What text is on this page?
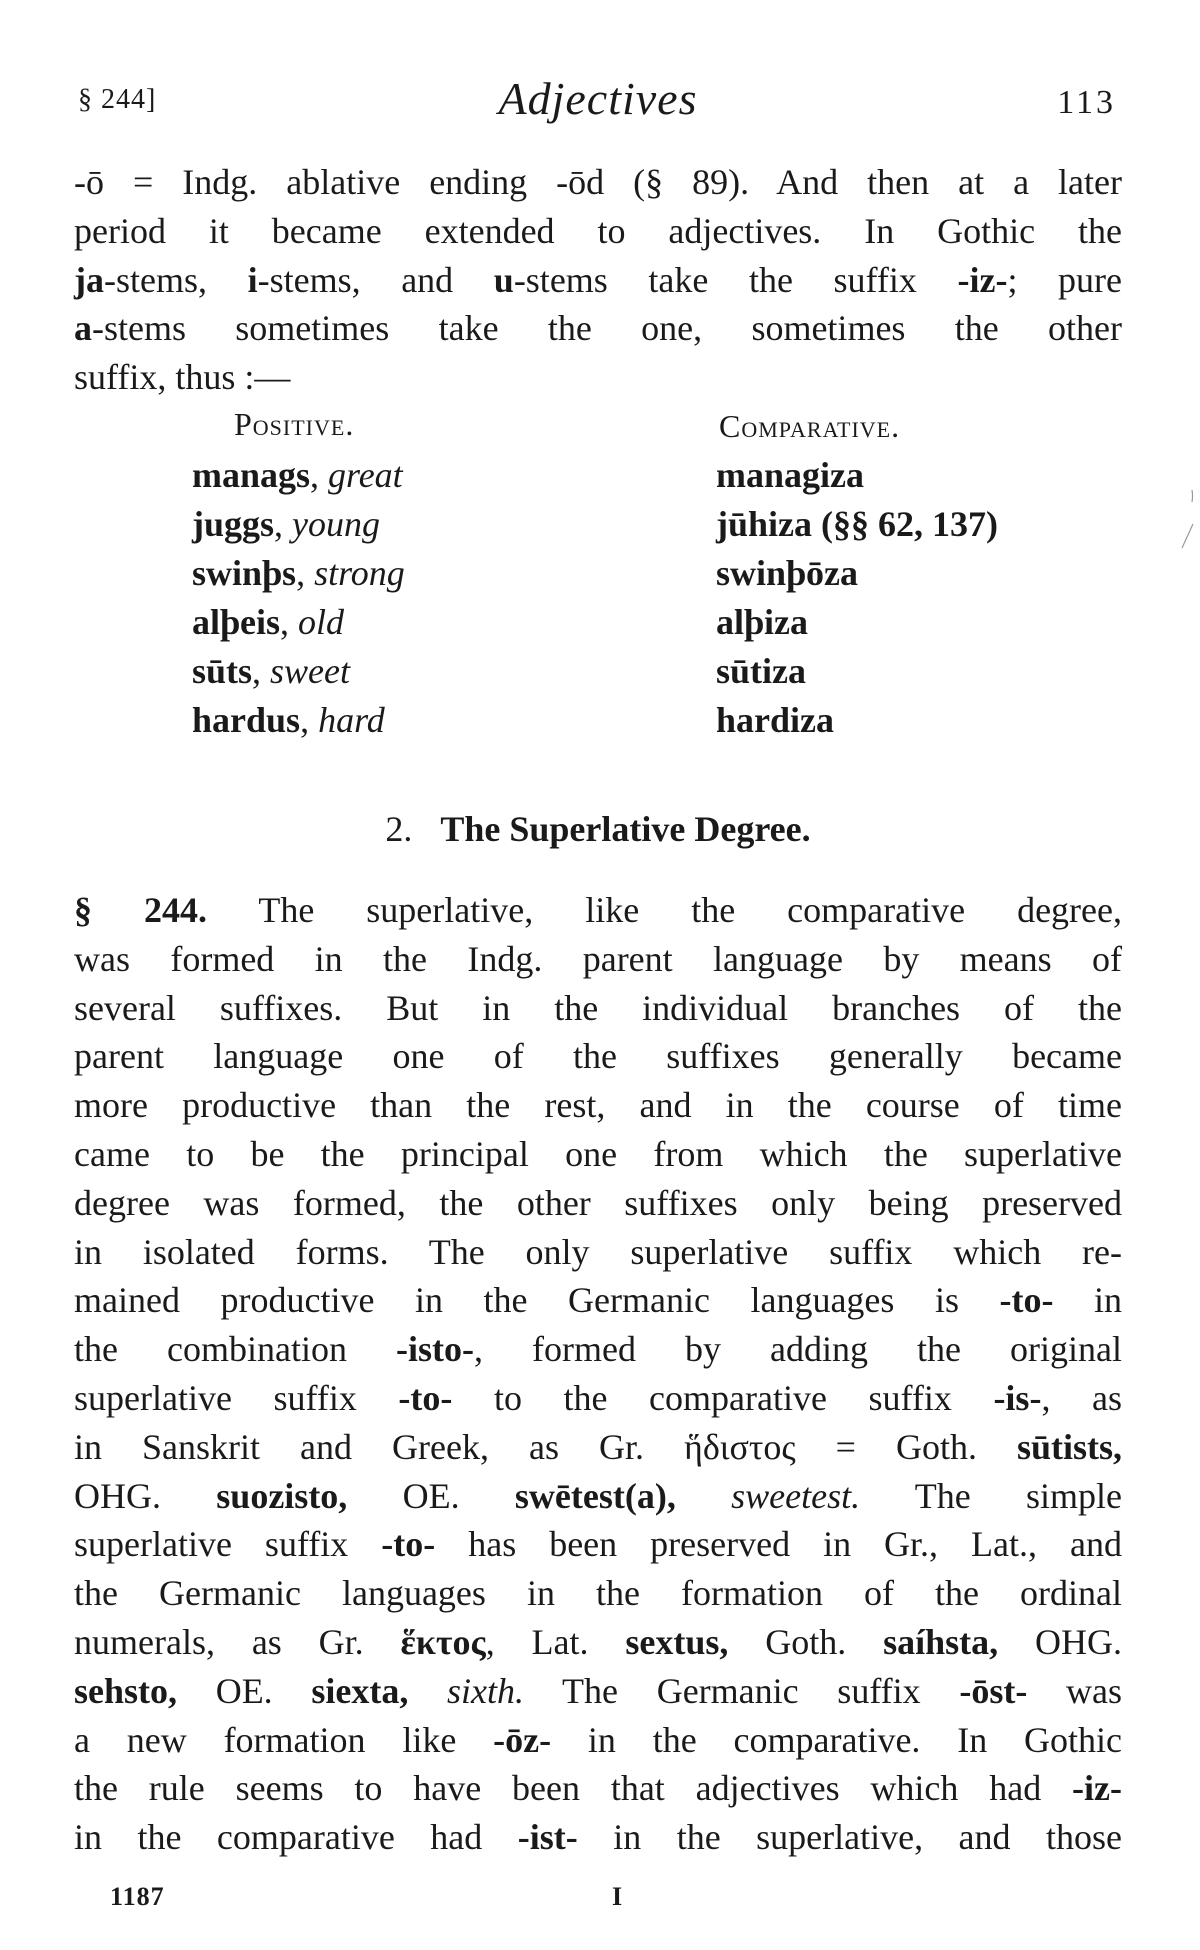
§ 244]	Adjectives	113
-ō = Indg. ablative ending -ōd (§ 89). And then at a later
period it became extended to adjectives. In Gothic the
ja-stems, i-stems, and u-stems take the suffix -iz-; pure
a-stems sometimes take the one, sometimes the other
suffix, thus :—
Positive.	Comparative.
manags, great	managiza
juggs, young	jūhiza (§§ 62, 137)
swinþs, strong	swinþōza
alþeis, old	alþiza
sūts, sweet	sūtiza
hardus, hard	hardiza
2. The Superlative Degree.
§ 244. The superlative, like the comparative degree,
was formed in the Indg. parent language by means of
several suffixes. But in the individual branches of the
parent language one of the suffixes generally became
more productive than the rest, and in the course of time
came to be the principal one from which the superlative
degree was formed, the other suffixes only being preserved
in isolated forms. The only superlative suffix which re-
mained productive in the Germanic languages is -to- in
the combination -isto-, formed by adding the original
superlative suffix -to- to the comparative suffix -is-, as
in Sanskrit and Greek, as Gr. ἥδιστος = Goth. sūtists,
OHG. suozisto, OE. swētest(a), sweetest. The simple
superlative suffix -to- has been preserved in Gr., Lat., and
the Germanic languages in the formation of the ordinal
numerals, as Gr. ἕκτος, Lat. sextus, Goth. saíhsta, OHG.
sehsto, OE. siexta, sixth. The Germanic suffix -ōst- was
a new formation like -ōz- in the comparative. In Gothic
the rule seems to have been that adjectives which had -iz-
in the comparative had -ist- in the superlative, and those
1187	I
